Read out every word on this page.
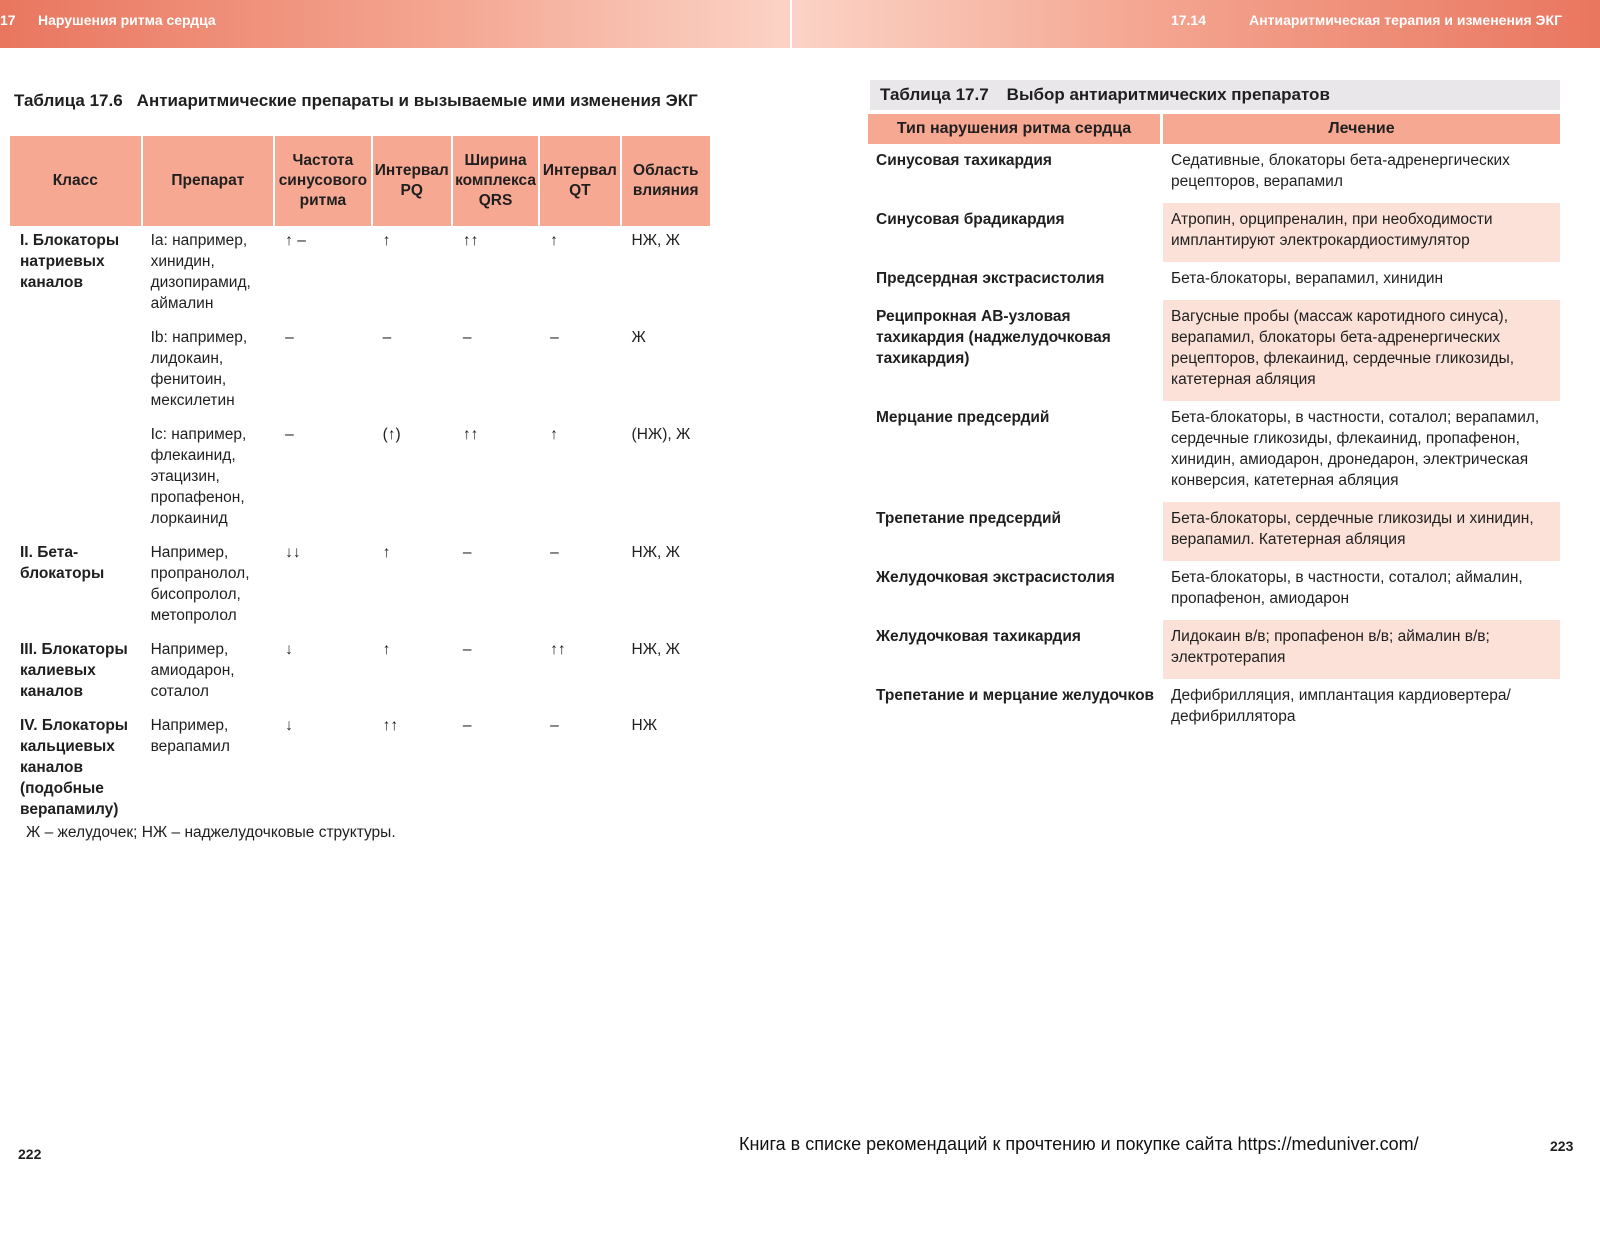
17 Нарушения ритма сердца	17.14	Антиаритмическая терапия и изменения ЭКГ
Таблица 17.6 Антиаритмические препараты и вызываемые ими изменения ЭКГ
Класс	Препарат	Частота синусового ритма	Интервал PQ	Ширина комплекса QRS	Интервал QT	Область влияния
I. Блокаторы натриевых каналов	Ia: например, хинидин, дизопирамид, аймалин	↑ –	↑	↑↑	↑	НЖ, Ж
	Ib: например, лидокаин, фенитоин, мексилетин	–	–	–	–	Ж
	Ic: например, флекаинид, этацизин, пропафенон, лоркаинид	–	(↑)	↑↑	↑	(НЖ), Ж
II. Бета-блокаторы	Например, пропранолол, бисопролол, метопролол	↓↓	↑	–	–	НЖ, Ж
III. Блокаторы калиевых каналов	Например, амиодарон, соталол	↓	↑	–	↑↑	НЖ, Ж
IV. Блокаторы кальциевых каналов (подобные верапамилу)	Например, верапамил	↓	↑↑	–	–	НЖ
Ж – желудочек; НЖ – наджелудочковые структуры.
Таблица 17.7 Выбор антиаритмических препаратов
Тип нарушения ритма сердца	Лечение
Синусовая тахикардия	Седативные, блокаторы бета-адренергических рецепторов, верапамил
Синусовая брадикардия	Атропин, орципреналин, при необходимости имплантируют электрокардиостимулятор
Предсердная экстрасистолия	Бета-блокаторы, верапамил, хинидин
Реципрокная АВ-узловая тахикардия (наджелудочковая тахикардия)	Вагусные пробы (массаж каротидного синуса), верапамил, блокаторы бета-адренергических рецепторов, флекаинид, сердечные гликозиды, катетерная абляция
Мерцание предсердий	Бета-блокаторы, в частности, соталол; верапамил, сердечные гликозиды, флекаинид, пропафенон, хинидин, амиодарон, дронедарон, электрическая конверсия, катетерная абляция
Трепетание предсердий	Бета-блокаторы, сердечные гликозиды и хинидин, верапамил. Катетерная абляция
Желудочковая экстрасистолия	Бета-блокаторы, в частности, соталол; аймалин, пропафенон, амиодарон
Желудочковая тахикардия	Лидокаин в/в; пропафенон в/в; аймалин в/в; электротерапия
Трепетание и мерцание желудочков	Дефибрилляция, имплантация кардиовертера/дефибриллятора
222	Книга в списке рекомендаций к прочтению и покупке сайта https://meduniver.com/	223
